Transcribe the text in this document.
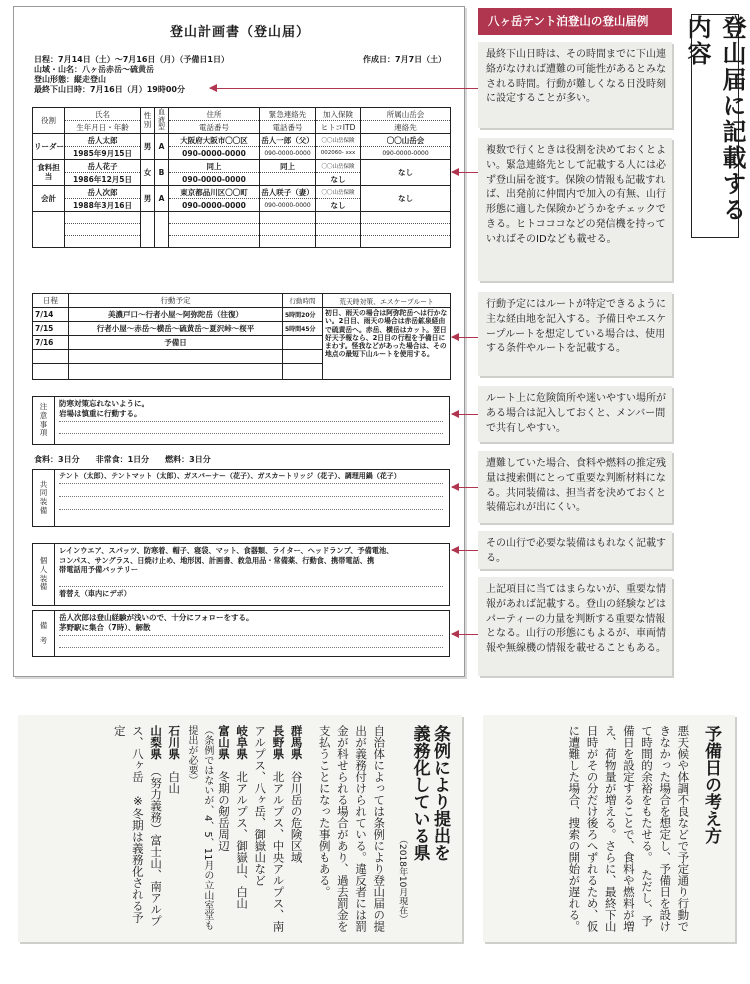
登山計画書（登山届）
日程：7月14日（土）～7月16日（月）（予備日1日）	作成日：7月7日（土）
山域・山名：八ヶ岳赤岳～硫黄岳
登山形態：縦走登山
最終下山日時：7月16日（月）19時00分
役割	氏名	性別	血液型	住所	緊急連絡先	加入保険	所属山岳会
	生年月日・年齢			電話番号	電話番号	ヒトコITD	連絡先
リーダー	岳人太郎	男	A	大阪府大阪市〇〇区	岳人一郎（父）	〇〇山岳保険	〇〇山岳会
	1985年9月15日			090-0000-0000	090-0000-0000	002060- xxx	090-0000-0000
食料担当	岳人花子	女	B	同上	同上	〇〇山岳保険	なし
	1986年12月5日			090-0000-0000		なし	
会計	岳人次郎	男	A	東京都品川区〇〇町	岳人咲子（妻）	〇〇山岳保険	なし
	1988年3月16日			090-0000-0000	090-0000-0000	なし	

日程	行動予定	行動時間	荒天時対策、エスケープルート
7/14	美濃戸口～行者小屋～阿弥陀岳（往復）	5時間20分	初日、雨天の場合は阿弥陀岳へは行かない。2日目、雨天の場合は赤岳鉱泉経由で硫黄岳へ。赤岳、横岳はカット。翌日好天予報なら、2日目の行程を予備日にまわす。怪我などがあった場合は、その地点の最短下山ルートを使用する。
7/15	行者小屋～赤岳～横岳～硫黄岳～夏沢峠～桜平	5時間45分	
7/16	予備日		

注
意
事
項
防寒対策忘れないように。
岩場は慎重に行動する。
食料：3日分　　非常食：1日分　　燃料：3日分
共
同
装
備
テント（太郎）、テントマット（太郎）、ガスバーナー（花子）、ガスカートリッジ（花子）、調理用鍋（花子）
個
人
装
備
レインウエア、スパッツ、防寒着、帽子、寝袋、マット、食器類、ライター、ヘッドランプ、予備電池、
コンパス、サングラス、日焼け止め、地形図、計画書、救急用品・常備薬、行動食、携帯電話、携
帯電話用予備バッテリー
着替え（車内にデポ）
備
考
岳人次郎は登山経験が浅いので、十分にフォローをする。
茅野駅に集合（7時）、解散
八ヶ岳テント泊登山の登山届例
最終下山日時は、その時間までに下山連絡がなければ遭難の可能性があるとみなされる時間。行動が難しくなる日没時刻に設定することが多い。
複数で行くときは役割を決めておくとよい。緊急連絡先として記載する人には必ず登山届を渡す。保険の情報も記載すれば、出発前に仲間内で加入の有無、山行形態に適した保険かどうかをチェックできる。ヒトコココなどの発信機を持っていればそのIDなども載せる。
行動予定にはルートが特定できるように主な経由地を記入する。予備日やエスケープルートを想定している場合は、使用する条件やルートを記載する。
ルート上に危険箇所や迷いやすい場所がある場合は記入しておくと、メンバー間で共有しやすい。
遭難していた場合、食料や燃料の推定残量は捜索側にとって重要な判断材料になる。共同装備は、担当者を決めておくと装備忘れが出にくい。
その山行で必要な装備はもれなく記載する。
上記項目に当てはまらないが、重要な情報があれば記載する。登山の経験などはパーティーの力量を判断する重要な情報となる。山行の形態にもよるが、車両情報や無線機の情報を載せることもある。
登山届に記載する内容
条例により提出を
義務化している県
（2018年10月現在）
自治体によっては条例により登山届の提出が義務付けられている。違反者には罰金が科せられる場合があり、過去罰金を支払うことになった事例もある。
群馬県　谷川岳の危険区域
長野県　北アルプス、中央アルプス、南アルプス、八ヶ岳、御嶽山など
岐阜県　北アルプス、御嶽山、白山
富山県　冬期の剱岳周辺
（条例ではないが、4、5、11月の立山室堂も提出が必要）
石川県　白山
山梨県　（努力義務）富士山、南アルプス、八ヶ岳　※冬期は義務化される予定	予備日の考え方
悪天候や体調不良などで予定通り行動できなかった場合を想定し、予備日を設けて時間的余裕をもたせる。　ただし、予備日を設定することで、食料や燃料が増え、荷物量が増える。さらに、最終下山日時がその分だけ後ろへずれるため、仮に遭難した場合、捜索の開始が遅れる。
